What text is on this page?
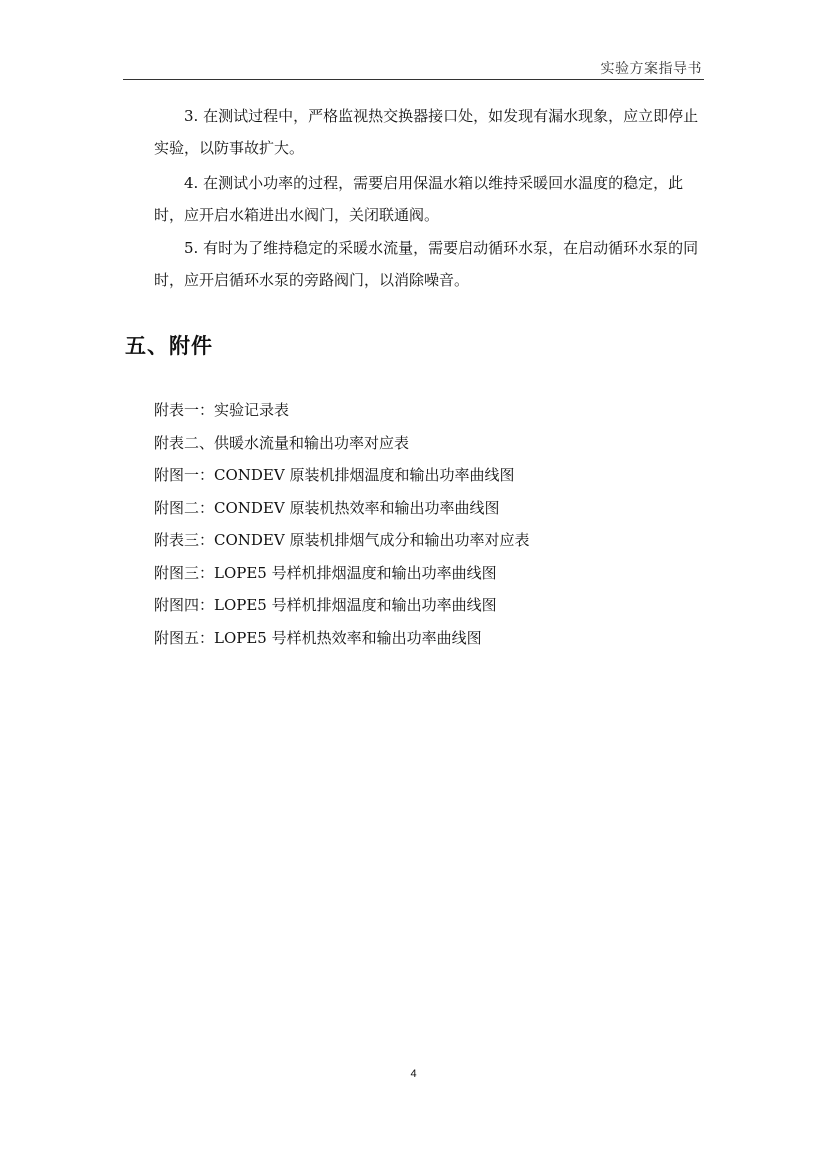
实验方案指导书

3. 在测试过程中，严格监视热交换器接口处，如发现有漏水现象，应立即停止实验，以防事故扩大。

4. 在测试小功率的过程，需要启用保温水箱以维持采暖回水温度的稳定，此时，应开启水箱进出水阀门，关闭联通阀。

5. 有时为了维持稳定的采暖水流量，需要启动循环水泵，在启动循环水泵的同时，应开启循环水泵的旁路阀门，以消除噪音。

五、附件
附表一：实验记录表
附表二、供暖水流量和输出功率对应表
附图一：CONDEV 原装机排烟温度和输出功率曲线图
附图二：CONDEV 原装机热效率和输出功率曲线图
附表三：CONDEV 原装机排烟气成分和输出功率对应表
附图三：LOPE5 号样机排烟温度和输出功率曲线图
附图四：LOPE5 号样机排烟温度和输出功率曲线图
附图五：LOPE5 号样机热效率和输出功率曲线图
4
